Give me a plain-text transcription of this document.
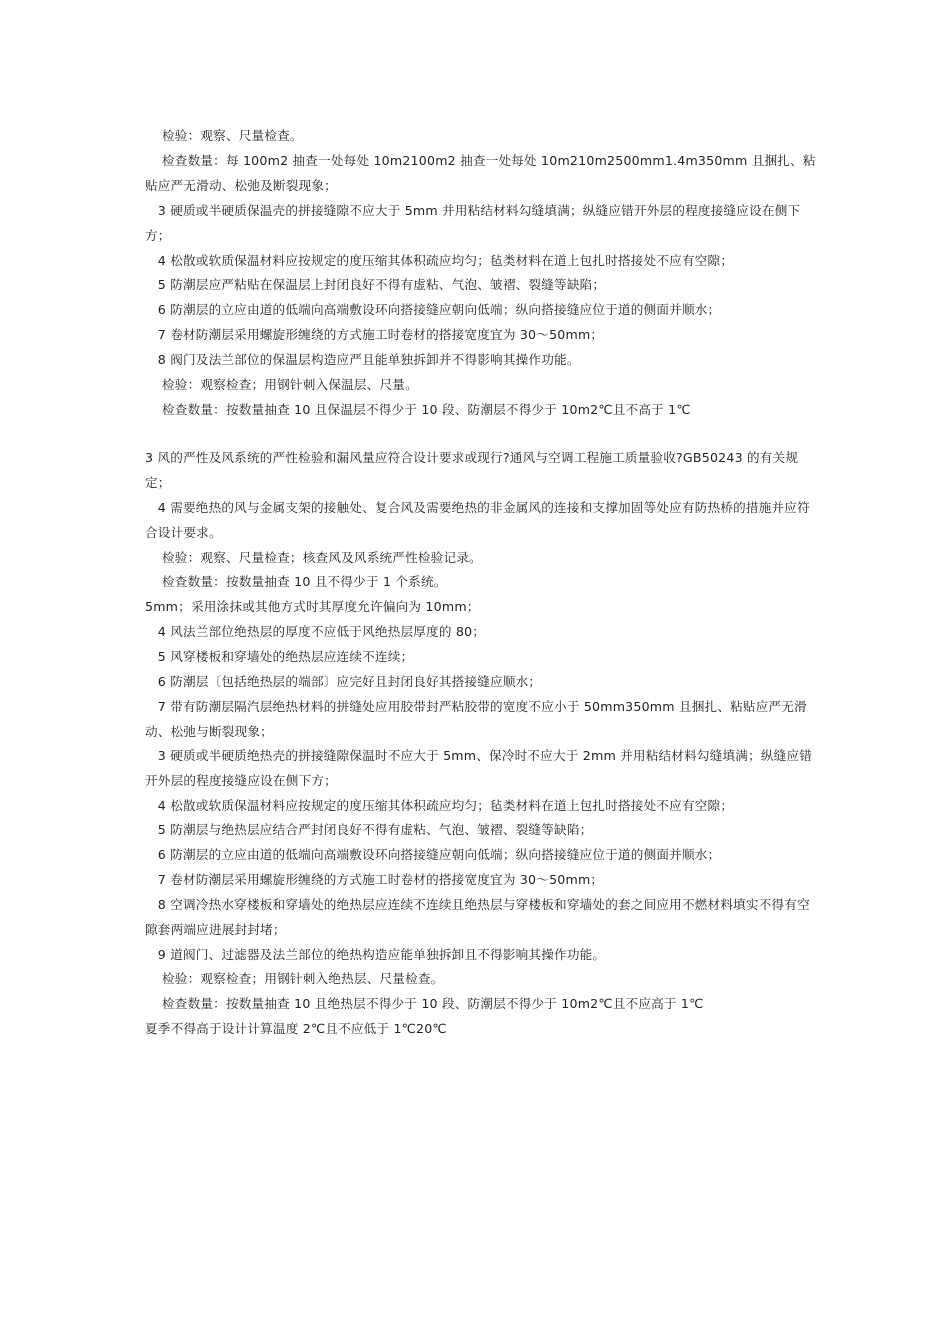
　 检验：观察、尺量检查。

　 检查数量：每 100m2 抽查一处每处 10m2100m2 抽查一处每处 10m210m2500mm1.4m350mm 且捆扎、粘贴应严无滑动、松弛及断裂现象；

　3 硬质或半硬质保温壳的拼接缝隙不应大于 5mm 并用粘结材料勾缝填满；纵缝应错开外层的程度接缝应设在侧下方；

　4 松散或软质保温材料应按规定的度压缩其体积疏应均匀；毡类材料在道上包扎时搭接处不应有空隙；

　5 防潮层应严粘贴在保温层上封闭良好不得有虚粘、气泡、皱褶、裂缝等缺陷；

　6 防潮层的立应由道的低端向高端敷设环向搭接缝应朝向低端；纵向搭接缝应位于道的侧面并顺水；

　7 卷材防潮层采用螺旋形缠绕的方式施工时卷材的搭接宽度宜为 30～50mm；

　8 阀门及法兰部位的保温层构造应严且能单独拆卸并不得影响其操作功能。

　 检验：观察检查；用钢针刺入保温层、尺量。

　 检查数量：按数量抽查 10 且保温层不得少于 10 段、防潮层不得少于 10m2℃且不高于 1℃

3 风的严性及风系统的严性检验和漏风量应符合设计要求或现行?通风与空调工程施工质量验收?GB50243 的有关规定；

　4 需要绝热的风与金属支架的接触处、复合风及需要绝热的非金属风的连接和支撑加固等处应有防热桥的措施并应符合设计要求。

　 检验：观察、尺量检查；核查风及风系统严性检验记录。

　 检查数量：按数量抽查 10 且不得少于 1 个系统。

5mm；采用涂抹或其他方式时其厚度允许偏向为 10mm；

　4 风法兰部位绝热层的厚度不应低于风绝热层厚度的 80；

　5 风穿楼板和穿墙处的绝热层应连续不连续；

　6 防潮层〔包括绝热层的端部〕应完好且封闭良好其搭接缝应顺水；

　7 带有防潮层隔汽层绝热材料的拼缝处应用胶带封严粘胶带的宽度不应小于 50mm350mm 且捆扎、粘贴应严无滑动、松弛与断裂现象；

　3 硬质或半硬质绝热壳的拼接缝隙保温时不应大于 5mm、保冷时不应大于 2mm 并用粘结材料勾缝填满；纵缝应错开外层的程度接缝应设在侧下方；

　4 松散或软质保温材料应按规定的度压缩其体积疏应均匀；毡类材料在道上包扎时搭接处不应有空隙；

　5 防潮层与绝热层应结合严封闭良好不得有虚粘、气泡、皱褶、裂缝等缺陷；

　6 防潮层的立应由道的低端向高端敷设环向搭接缝应朝向低端；纵向搭接缝应位于道的侧面并顺水；

　7 卷材防潮层采用螺旋形缠绕的方式施工时卷材的搭接宽度宜为 30～50mm；

　8 空调冷热水穿楼板和穿墙处的绝热层应连续不连续且绝热层与穿楼板和穿墙处的套之间应用不燃材料填实不得有空隙套两端应进展封封堵；

　9 道阀门、过滤器及法兰部位的绝热构造应能单独拆卸且不得影响其操作功能。

　 检验：观察检查；用钢针刺入绝热层、尺量检查。

　 检查数量：按数量抽查 10 且绝热层不得少于 10 段、防潮层不得少于 10m2℃且不应高于 1℃

夏季不得高于设计计算温度 2℃且不应低于 1℃20℃
